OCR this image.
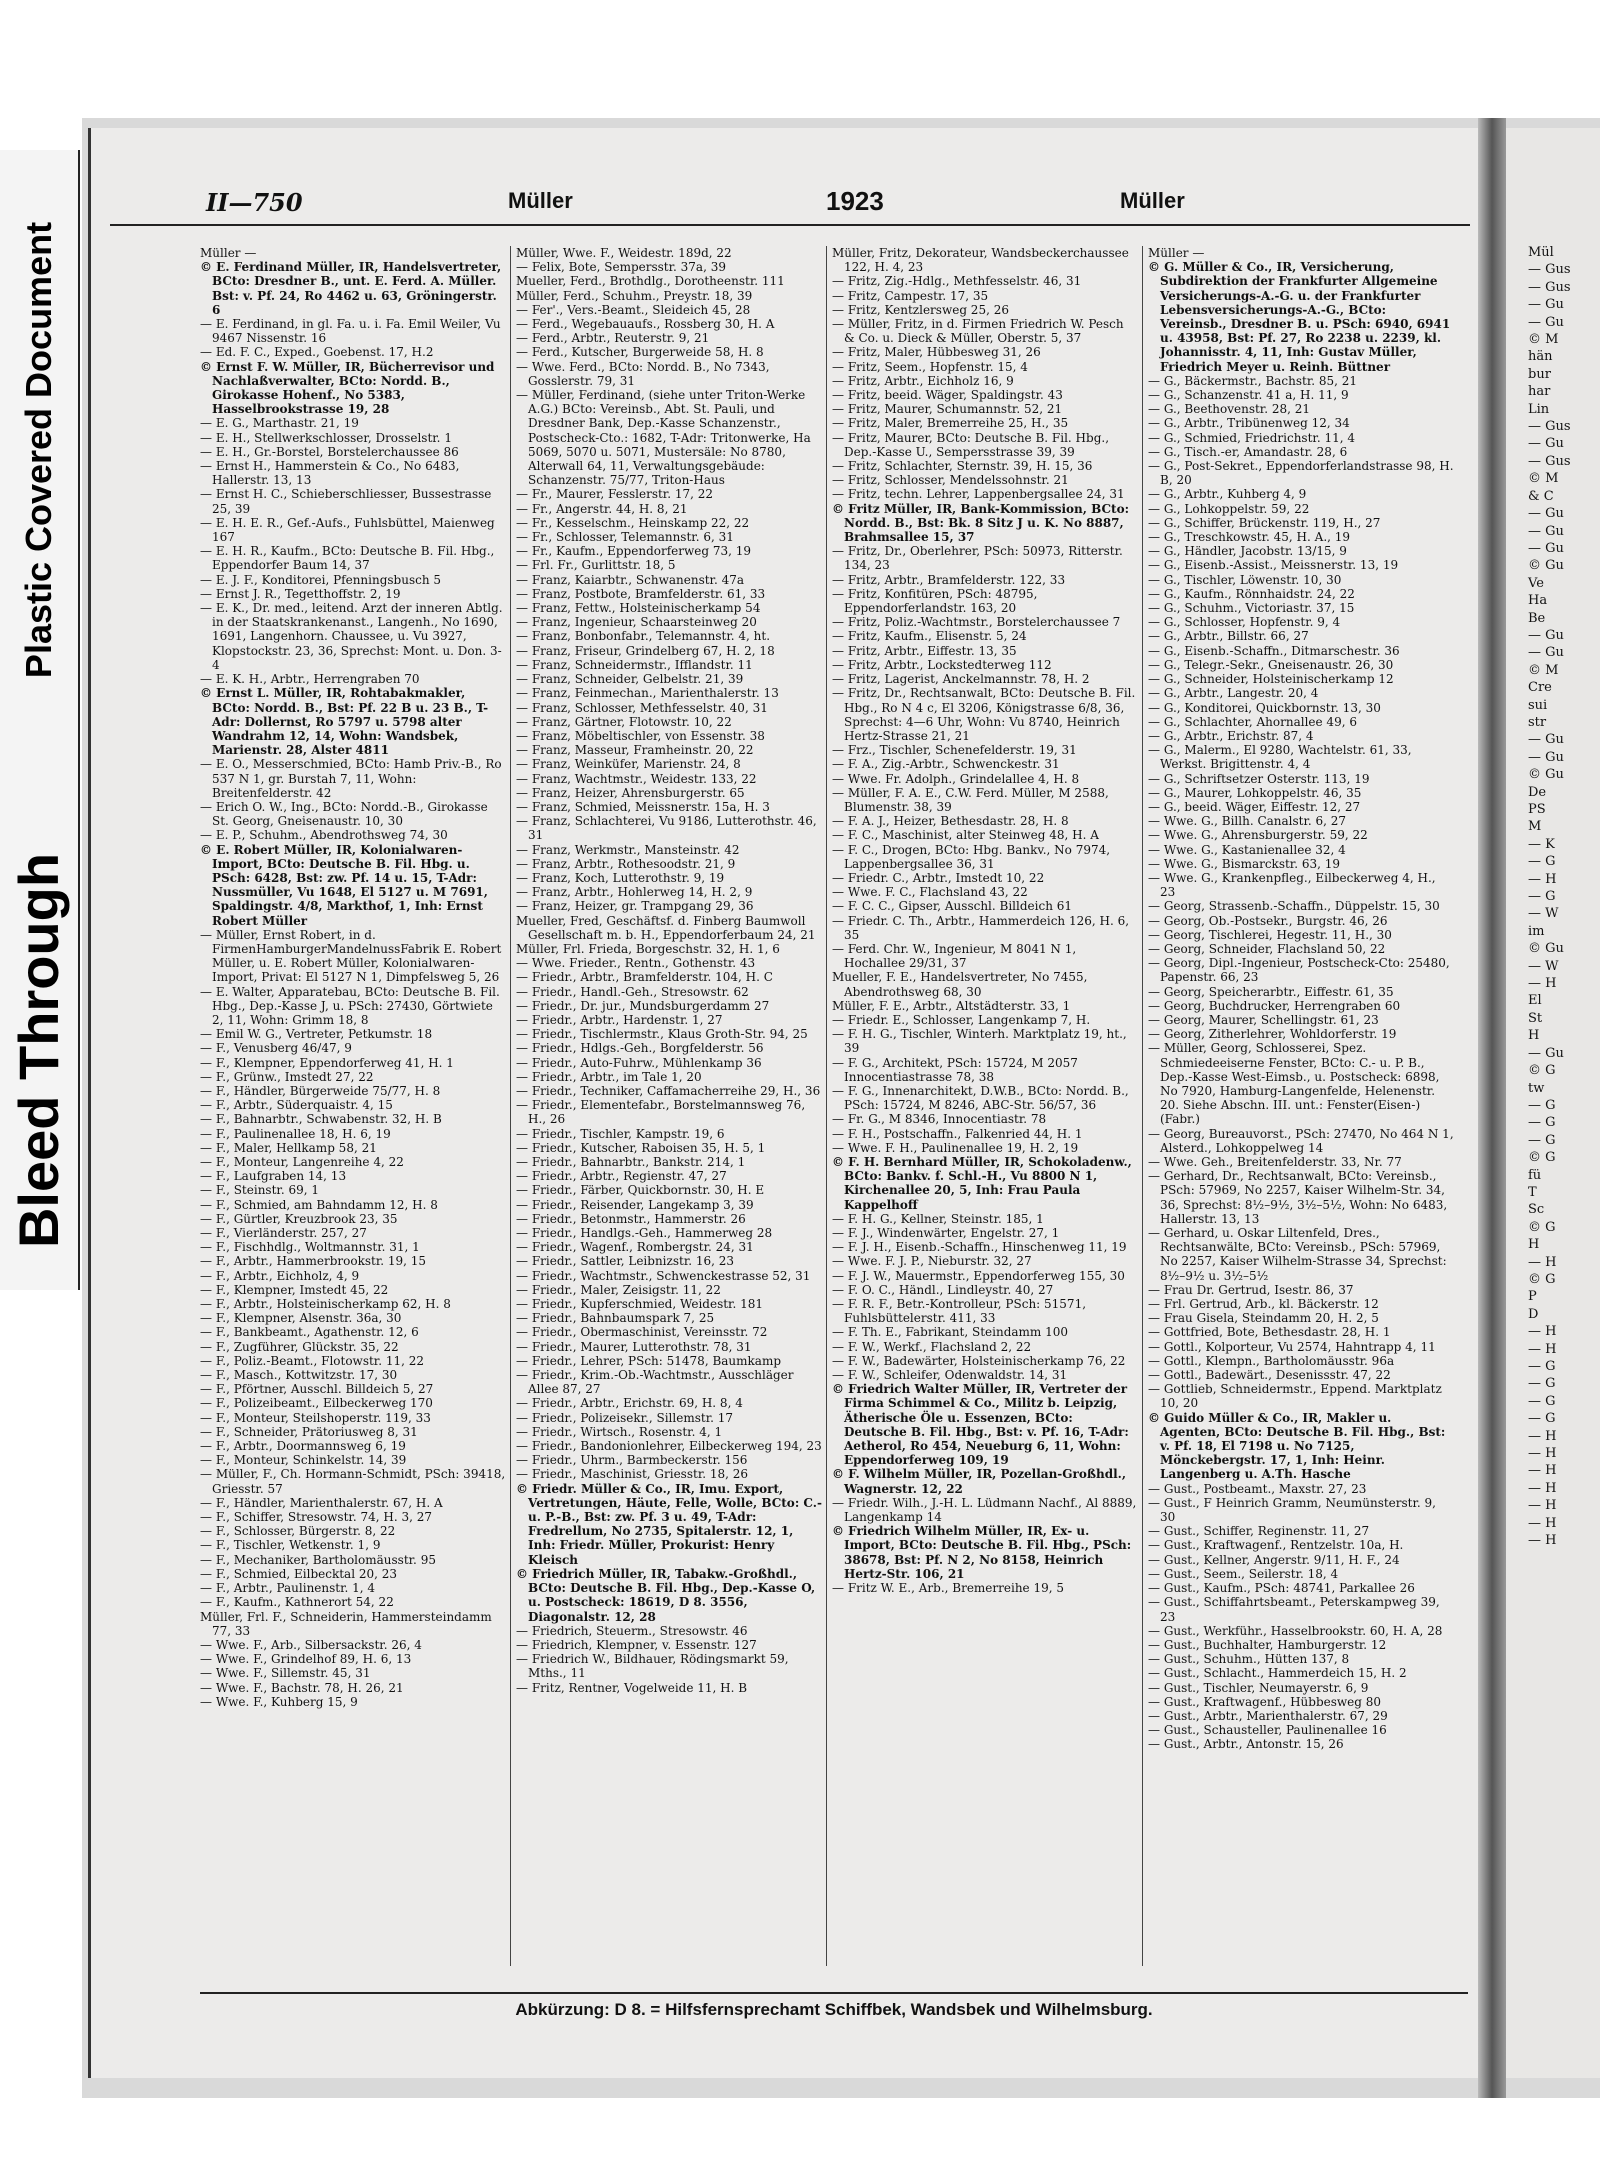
Plastic Covered Document
Bleed Through
Mül
— Gus
— Gus
— Gu
— Gu
© M
hän
bur
har
Lin
— Gus
— Gu
— Gus
© M
& C
— Gu
— Gu
— Gu
© Gu
Ve
Ha
Be
— Gu
— Gu
© M
Cre
sui
str
— Gu
— Gu
© Gu
De
PS
M
— K
— G
— H
— G
— W
im
© Gu
— W
— H
El
St
H
— Gu
© G
tw
— G
— G
— G
© G
fü
T
Sc
© G
H
— H
© G
P
D
— H
— H
— G
— G
— G
— G
— H
— H
— H
— H
— H
— H
— H
II—750	Müller	1923	Müller

Müller —

© E. Ferdinand Müller, IR, Handelsvertreter, BCto: Dresdner B., unt. E. Ferd. A. Müller. Bst: v. Pf. 24, Ro 4462 u. 63, Gröningerstr. 6

— E. Ferdinand, in gl. Fa. u. i. Fa. Emil Weiler, Vu 9467 Nissenstr. 16

— Ed. F. C., Exped., Goebenst. 17, H.2

© Ernst F. W. Müller, IR, Bücherrevisor und Nachlaßverwalter, BCto: Nordd. B., Girokasse Hohenf., No 5383, Hasselbrookstrasse 19, 28

— E. G., Marthastr. 21, 19

— E. H., Stellwerkschlosser, Drosselstr. 1

— E. H., Gr.-Borstel, Borstelerchaussee 86

— Ernst H., Hammerstein & Co., No 6483, Hallerstr. 13, 13

— Ernst H. C., Schieberschliesser, Bussestrasse 25, 39

— E. H. E. R., Gef.-Aufs., Fuhlsbüttel, Maienweg 167

— E. H. R., Kaufm., BCto: Deutsche B. Fil. Hbg., Eppendorfer Baum 14, 37

— E. J. F., Konditorei, Pfenningsbusch 5

— Ernst J. R., Tegetthoffstr. 2, 19

— E. K., Dr. med., leitend. Arzt der inneren Abtlg. in der Staatskrankenanst., Langenh., No 1690, 1691, Langenhorn. Chaussee, u. Vu 3927, Klopstockstr. 23, 36, Sprechst: Mont. u. Don. 3-4

— E. K. H., Arbtr., Herrengraben 70

© Ernst L. Müller, IR, Rohtabakmakler, BCto: Nordd. B., Bst: Pf. 22 B u. 23 B., T-Adr: Dollernst, Ro 5797 u. 5798 alter Wandrahm 12, 14, Wohn: Wandsbek, Marienstr. 28, Alster 4811

— E. O., Messerschmied, BCto: Hamb Priv.-B., Ro 537 N 1, gr. Burstah 7, 11, Wohn: Breitenfelderstr. 42

— Erich O. W., Ing., BCto: Nordd.-B., Girokasse St. Georg, Gneisenaustr. 10, 30

— E. P., Schuhm., Abendrothsweg 74, 30

© E. Robert Müller, IR, Kolonialwaren-Import, BCto: Deutsche B. Fil. Hbg. u. PSch: 6428, Bst: zw. Pf. 14 u. 15, T-Adr: Nussmüller, Vu 1648, El 5127 u. M 7691, Spaldingstr. 4/8, Markthof, 1, Inh: Ernst Robert Müller

— Müller, Ernst Robert, in d. FirmenHamburgerMandelnussFabrik E. Robert Müller, u. E. Robert Müller, Kolonialwaren-Import, Privat: El 5127 N 1, Dimpfelsweg 5, 26

— E. Walter, Apparatebau, BCto: Deutsche B. Fil. Hbg., Dep.-Kasse J, u. PSch: 27430, Görtwiete 2, 11, Wohn: Grimm 18, 8

— Emil W. G., Vertreter, Petkumstr. 18

— F., Venusberg 46/47, 9

— F., Klempner, Eppendorferweg 41, H. 1

— F., Grünw., Imstedt 27, 22

— F., Händler, Bürgerweide 75/77, H. 8

— F., Arbtr., Süderquaistr. 4, 15

— F., Bahnarbtr., Schwabenstr. 32, H. B

— F., Paulinenallee 18, H. 6, 19

— F., Maler, Hellkamp 58, 21

— F., Monteur, Langenreihe 4, 22

— F., Laufgraben 14, 13

— F., Steinstr. 69, 1

— F., Schmied, am Bahndamm 12, H. 8

— F., Gürtler, Kreuzbrook 23, 35

— F., Vierländerstr. 257, 27

— F., Fischhdlg., Woltmannstr. 31, 1

— F., Arbtr., Hammerbrookstr. 19, 15

— F., Arbtr., Eichholz, 4, 9

— F., Klempner, Imstedt 45, 22

— F., Arbtr., Holsteinischerkamp 62, H. 8

— F., Klempner, Alsenstr. 36a, 30

— F., Bankbeamt., Agathenstr. 12, 6

— F., Zugführer, Glückstr. 35, 22

— F., Poliz.-Beamt., Flotowstr. 11, 22

— F., Masch., Kottwitzstr. 17, 30

— F., Pförtner, Ausschl. Billdeich 5, 27

— F., Polizeibeamt., Eilbeckerweg 170

— F., Monteur, Steilshoperstr. 119, 33

— F., Schneider, Prätoriusweg 8, 31

— F., Arbtr., Doormannsweg 6, 19

— F., Monteur, Schinkelstr. 14, 39

— Müller, F., Ch. Hormann-Schmidt, PSch: 39418, Griesstr. 57

— F., Händler, Marienthalerstr. 67, H. A

— F., Schiffer, Stresowstr. 74, H. 3, 27

— F., Schlosser, Bürgerstr. 8, 22

— F., Tischler, Wetkenstr. 1, 9

— F., Mechaniker, Bartholomäusstr. 95

— F., Schmied, Eilbecktal 20, 23

— F., Arbtr., Paulinenstr. 1, 4

— F., Kaufm., Kathnerort 54, 22

Müller, Frl. F., Schneiderin, Hammersteindamm 77, 33

— Wwe. F., Arb., Silbersackstr. 26, 4

— Wwe. F., Grindelhof 89, H. 6, 13

— Wwe. F., Sillemstr. 45, 31

— Wwe. F., Bachstr. 78, H. 26, 21

— Wwe. F., Kuhberg 15, 9

Müller, Wwe. F., Weidestr. 189d, 22

— Felix, Bote, Sempersstr. 37a, 39

Mueller, Ferd., Brothdlg., Dorotheenstr. 111

Müller, Ferd., Schuhm., Preystr. 18, 39

— Fer'., Vers.-Beamt., Sleideich 45, 28

— Ferd., Wegebauaufs., Rossberg 30, H. A

— Ferd., Arbtr., Reuterstr. 9, 21

— Ferd., Kutscher, Burgerweide 58, H. 8

— Wwe. Ferd., BCto: Nordd. B., No 7343, Gosslerstr. 79, 31

— Müller, Ferdinand, (siehe unter Triton-Werke A.G.) BCto: Vereinsb., Abt. St. Pauli, und Dresdner Bank, Dep.-Kasse Schanzenstr., Postscheck-Cto.: 1682, T-Adr: Tritonwerke, Ha 5069, 5070 u. 5071, Mustersäle: No 8780, Alterwall 64, 11, Verwaltungsgebäude: Schanzenstr. 75/77, Triton-Haus

— Fr., Maurer, Fesslerstr. 17, 22

— Fr., Angerstr. 44, H. 8, 21

— Fr., Kesselschm., Heinskamp 22, 22

— Fr., Schlosser, Telemannstr. 6, 31

— Fr., Kaufm., Eppendorferweg 73, 19

— Frl. Fr., Gurlittstr. 18, 5

— Franz, Kaiarbtr., Schwanenstr. 47a

— Franz, Postbote, Bramfelderstr. 61, 33

— Franz, Fettw., Holsteinischerkamp 54

— Franz, Ingenieur, Schaarsteinweg 20

— Franz, Bonbonfabr., Telemannstr. 4, ht.

— Franz, Friseur, Grindelberg 67, H. 2, 18

— Franz, Schneidermstr., Ifflandstr. 11

— Franz, Schneider, Gelbelstr. 21, 39

— Franz, Feinmechan., Marienthalerstr. 13

— Franz, Schlosser, Methfesselstr. 40, 31

— Franz, Gärtner, Flotowstr. 10, 22

— Franz, Möbeltischler, von Essenstr. 38

— Franz, Masseur, Framheinstr. 20, 22

— Franz, Weinküfer, Marienstr. 24, 8

— Franz, Wachtmstr., Weidestr. 133, 22

— Franz, Heizer, Ahrensburgerstr. 65

— Franz, Schmied, Meissnerstr. 15a, H. 3

— Franz, Schlachterei, Vu 9186, Lutterothstr. 46, 31

— Franz, Werkmstr., Mansteinstr. 42

— Franz, Arbtr., Rothesoodstr. 21, 9

— Franz, Koch, Lutterothstr. 9, 19

— Franz, Arbtr., Hohlerweg 14, H. 2, 9

— Franz, Heizer, gr. Trampgang 29, 36

Mueller, Fred, Geschäftsf. d. Finberg Baumwoll Gesellschaft m. b. H., Eppendorferbaum 24, 21

Müller, Frl. Frieda, Borgeschstr. 32, H. 1, 6

— Wwe. Frieder., Rentn., Gothenstr. 43

— Friedr., Arbtr., Bramfelderstr. 104, H. C

— Friedr., Handl.-Geh., Stresowstr. 62

— Friedr., Dr. jur., Mundsburgerdamm 27

— Friedr., Arbtr., Hardenstr. 1, 27

— Friedr., Tischlermstr., Klaus Groth-Str. 94, 25

— Friedr., Hdlgs.-Geh., Borgfelderstr. 56

— Friedr., Auto-Fuhrw., Mühlenkamp 36

— Friedr., Arbtr., im Tale 1, 20

— Friedr., Techniker, Caffamacherreihe 29, H., 36

— Friedr., Elementefabr., Borstelmannsweg 76, H., 26

— Friedr., Tischler, Kampstr. 19, 6

— Friedr., Kutscher, Raboisen 35, H. 5, 1

— Friedr., Bahnarbtr., Bankstr. 214, 1

— Friedr., Arbtr., Regienstr. 47, 27

— Friedr., Färber, Quickbornstr. 30, H. E

— Friedr., Reisender, Langekamp 3, 39

— Friedr., Betonmstr., Hammerstr. 26

— Friedr., Handlgs.-Geh., Hammerweg 28

— Friedr., Wagenf., Rombergstr. 24, 31

— Friedr., Sattler, Leibnizstr. 16, 23

— Friedr., Wachtmstr., Schwenckestrasse 52, 31

— Friedr., Maler, Zeisigstr. 11, 22

— Friedr., Kupferschmied, Weidestr. 181

— Friedr., Bahnbaumspark 7, 25

— Friedr., Obermaschinist, Vereinsstr. 72

— Friedr., Maurer, Lutterothstr. 78, 31

— Friedr., Lehrer, PSch: 51478, Baumkamp

— Friedr., Krim.-Ob.-Wachtmstr., Ausschläger Allee 87, 27

— Friedr., Arbtr., Erichstr. 69, H. 8, 4

— Friedr., Polizeisekr., Sillemstr. 17

— Friedr., Wirtsch., Rosenstr. 4, 1

— Friedr., Bandonionlehrer, Eilbeckerweg 194, 23

— Friedr., Uhrm., Barmbeckerstr. 156

— Friedr., Maschinist, Griesstr. 18, 26

© Friedr. Müller & Co., IR, Imu. Export, Vertretungen, Häute, Felle, Wolle, BCto: C.- u. P.-B., Bst: zw. Pf. 3 u. 49, T-Adr: Fredrellum, No 2735, Spitalerstr. 12, 1, Inh: Friedr. Müller, Prokurist: Henry Kleisch

© Friedrich Müller, IR, Tabakw.-Großhdl., BCto: Deutsche B. Fil. Hbg., Dep.-Kasse O, u. Postscheck: 18619, D 8. 3556, Diagonalstr. 12, 28

— Friedrich, Steuerm., Stresowstr. 46

— Friedrich, Klempner, v. Essenstr. 127

— Friedrich W., Bildhauer, Rödingsmarkt 59, Mths., 11

— Fritz, Rentner, Vogelweide 11, H. B

Müller, Fritz, Dekorateur, Wandsbeckerchaussee 122, H. 4, 23

— Fritz, Zig.-Hdlg., Methfesselstr. 46, 31

— Fritz, Campestr. 17, 35

— Fritz, Kentzlersweg 25, 26

— Müller, Fritz, in d. Firmen Friedrich W. Pesch & Co. u. Dieck & Müller, Oberstr. 5, 37

— Fritz, Maler, Hübbesweg 31, 26

— Fritz, Seem., Hopfenstr. 15, 4

— Fritz, Arbtr., Eichholz 16, 9

— Fritz, beeid. Wäger, Spaldingstr. 43

— Fritz, Maurer, Schumannstr. 52, 21

— Fritz, Maler, Bremerreihe 25, H., 35

— Fritz, Maurer, BCto: Deutsche B. Fil. Hbg., Dep.-Kasse U., Sempersstrasse 39, 39

— Fritz, Schlachter, Sternstr. 39, H. 15, 36

— Fritz, Schlosser, Mendelssohnstr. 21

— Fritz, techn. Lehrer, Lappenbergsallee 24, 31

© Fritz Müller, IR, Bank-Kommission, BCto: Nordd. B., Bst: Bk. 8 Sitz J u. K. No 8887, Brahmsallee 15, 37

— Fritz, Dr., Oberlehrer, PSch: 50973, Ritterstr. 134, 23

— Fritz, Arbtr., Bramfelderstr. 122, 33

— Fritz, Konfitüren, PSch: 48795, Eppendorferlandstr. 163, 20

— Fritz, Poliz.-Wachtmstr., Borstelerchaussee 7

— Fritz, Kaufm., Elisenstr. 5, 24

— Fritz, Arbtr., Eiffestr. 13, 35

— Fritz, Arbtr., Lockstedterweg 112

— Fritz, Lagerist, Anckelmannstr. 78, H. 2

— Fritz, Dr., Rechtsanwalt, BCto: Deutsche B. Fil. Hbg., Ro N 4 c, El 3206, Königstrasse 6/8, 36, Sprechst: 4—6 Uhr, Wohn: Vu 8740, Heinrich Hertz-Strasse 21, 21

— Frz., Tischler, Schenefelderstr. 19, 31

— F. A., Zig.-Arbtr., Schwenckestr. 31

— Wwe. Fr. Adolph., Grindelallee 4, H. 8

— Müller, F. A. E., C.W. Ferd. Müller, M 2588, Blumenstr. 38, 39

— F. A. J., Heizer, Bethesdastr. 28, H. 8

— F. C., Maschinist, alter Steinweg 48, H. A

— F. C., Drogen, BCto: Hbg. Bankv., No 7974, Lappenbergsallee 36, 31

— Friedr. C., Arbtr., Imstedt 10, 22

— Wwe. F. C., Flachsland 43, 22

— F. C. C., Gipser, Ausschl. Billdeich 61

— Friedr. C. Th., Arbtr., Hammerdeich 126, H. 6, 35

— Ferd. Chr. W., Ingenieur, M 8041 N 1, Hochallee 29/31, 37

Mueller, F. E., Handelsvertreter, No 7455, Abendrothsweg 68, 30

Müller, F. E., Arbtr., Altstädterstr. 33, 1

— Friedr. E., Schlosser, Langenkamp 7, H.

— F. H. G., Tischler, Winterh. Marktplatz 19, ht., 39

— F. G., Architekt, PSch: 15724, M 2057 Innocentiastrasse 78, 38

— F. G., Innenarchitekt, D.W.B., BCto: Nordd. B., PSch: 15724, M 8246, ABC-Str. 56/57, 36

— Fr. G., M 8346, Innocentiastr. 78

— F. H., Postschaffn., Falkenried 44, H. 1

— Wwe. F. H., Paulinenallee 19, H. 2, 19

© F. H. Bernhard Müller, IR, Schokoladenw., BCto: Bankv. f. Schl.-H., Vu 8800 N 1, Kirchenallee 20, 5, Inh: Frau Paula Kappelhoff

— F. H. G., Kellner, Steinstr. 185, 1

— F. J., Windenwärter, Engelstr. 27, 1

— F. J. H., Eisenb.-Schaffn., Hinschenweg 11, 19

— Wwe. F. J. P., Nieburstr. 32, 27

— F. J. W., Mauermstr., Eppendorferweg 155, 30

— F. O. C., Händl., Lindleystr. 40, 27

— F. R. F., Betr.-Kontrolleur, PSch: 51571, Fuhlsbüttelerstr. 411, 33

— F. Th. E., Fabrikant, Steindamm 100

— F. W., Werkf., Flachsland 2, 22

— F. W., Badewärter, Holsteinischerkamp 76, 22

— F. W., Schleifer, Odenwaldstr. 14, 31

© Friedrich Walter Müller, IR, Vertreter der Firma Schimmel & Co., Militz b. Leipzig, Ätherische Öle u. Essenzen, BCto: Deutsche B. Fil. Hbg., Bst: v. Pf. 16, T-Adr: Aetherol, Ro 454, Neueburg 6, 11, Wohn: Eppendorferweg 109, 19

© F. Wilhelm Müller, IR, Pozellan-Großhdl., Wagnerstr. 12, 22

— Friedr. Wilh., J.-H. L. Lüdmann Nachf., Al 8889, Langenkamp 14

© Friedrich Wilhelm Müller, IR, Ex- u. Import, BCto: Deutsche B. Fil. Hbg., PSch: 38678, Bst: Pf. N 2, No 8158, Heinrich Hertz-Str. 106, 21

— Fritz W. E., Arb., Bremerreihe 19, 5

Müller —

© G. Müller & Co., IR, Versicherung, Subdirektion der Frankfurter Allgemeine Versicherungs-A.-G. u. der Frankfurter Lebensversicherungs-A.-G., BCto: Vereinsb., Dresdner B. u. PSch: 6940, 6941 u. 43958, Bst: Pf. 27, Ro 2238 u. 2239, kl. Johannisstr. 4, 11, Inh: Gustav Müller, Friedrich Meyer u. Reinh. Büttner

— G., Bäckermstr., Bachstr. 85, 21

— G., Schanzenstr. 41 a, H. 11, 9

— G., Beethovenstr. 28, 21

— G., Arbtr., Tribünenweg 12, 34

— G., Schmied, Friedrichstr. 11, 4

— G., Tisch.-er, Amandastr. 28, 6

— G., Post-Sekret., Eppendorferlandstrasse 98, H. B, 20

— G., Arbtr., Kuhberg 4, 9

— G., Lohkoppelstr. 59, 22

— G., Schiffer, Brückenstr. 119, H., 27

— G., Treschkowstr. 45, H. A., 19

— G., Händler, Jacobstr. 13/15, 9

— G., Eisenb.-Assist., Meissnerstr. 13, 19

— G., Tischler, Löwenstr. 10, 30

— G., Kaufm., Rönnhaidstr. 24, 22

— G., Schuhm., Victoriastr. 37, 15

— G., Schlosser, Hopfenstr. 9, 4

— G., Arbtr., Billstr. 66, 27

— G., Eisenb.-Schaffn., Ditmarschestr. 36

— G., Telegr.-Sekr., Gneisenaustr. 26, 30

— G., Schneider, Holsteinischerkamp 12

— G., Arbtr., Langestr. 20, 4

— G., Konditorei, Quickbornstr. 13, 30

— G., Schlachter, Ahornallee 49, 6

— G., Arbtr., Erichstr. 87, 4

— G., Malerm., El 9280, Wachtelstr. 61, 33, Werkst. Brigittenstr. 4, 4

— G., Schriftsetzer Osterstr. 113, 19

— G., Maurer, Lohkoppelstr. 46, 35

— G., beeid. Wäger, Eiffestr. 12, 27

— Wwe. G., Billh. Canalstr. 6, 27

— Wwe. G., Ahrensburgerstr. 59, 22

— Wwe. G., Kastanienallee 32, 4

— Wwe. G., Bismarckstr. 63, 19

— Wwe. G., Krankenpfleg., Eilbeckerweg 4, H., 23

— Georg, Strassenb.-Schaffn., Düppelstr. 15, 30

— Georg, Ob.-Postsekr., Burgstr. 46, 26

— Georg, Tischlerei, Hegestr. 11, H., 30

— Georg, Schneider, Flachsland 50, 22

— Georg, Dipl.-Ingenieur, Postscheck-Cto: 25480, Papenstr. 66, 23

— Georg, Speicherarbtr., Eiffestr. 61, 35

— Georg, Buchdrucker, Herrengraben 60

— Georg, Maurer, Schellingstr. 61, 23

— Georg, Zitherlehrer, Wohldorferstr. 19

— Müller, Georg, Schlosserei, Spez. Schmiedeeiserne Fenster, BCto: C.- u. P. B., Dep.-Kasse West-Eimsb., u. Postscheck: 6898, No 7920, Hamburg-Langenfelde, Helenenstr. 20. Siehe Abschn. III. unt.: Fenster(Eisen-)(Fabr.)

— Georg, Bureauvorst., PSch: 27470, No 464 N 1, Alsterd., Lohkoppelweg 14

— Wwe. Geh., Breitenfelderstr. 33, Nr. 77

— Gerhard, Dr., Rechtsanwalt, BCto: Vereinsb., PSch: 57969, No 2257, Kaiser Wilhelm-Str. 34, 36, Sprechst: 8½–9½, 3½–5½, Wohn: No 6483, Hallerstr. 13, 13

— Gerhard, u. Oskar Liltenfeld, Dres., Rechtsanwälte, BCto: Vereinsb., PSch: 57969, No 2257, Kaiser Wilhelm-Strasse 34, Sprechst: 8½–9½ u. 3½–5½

— Frau Dr. Gertrud, Isestr. 86, 37

— Frl. Gertrud, Arb., kl. Bäckerstr. 12

— Frau Gisela, Steindamm 20, H. 2, 5

— Gottfried, Bote, Bethesdastr. 28, H. 1

— Gottl., Kolporteur, Vu 2574, Hahntrapp 4, 11

— Gottl., Klempn., Bartholomäusstr. 96a

— Gottl., Badewärt., Desenissstr. 47, 22

— Gottlieb, Schneidermstr., Eppend. Marktplatz 10, 20

© Guido Müller & Co., IR, Makler u. Agenten, BCto: Deutsche B. Fil. Hbg., Bst: v. Pf. 18, El 7198 u. No 7125, Mönckebergstr. 17, 1, Inh: Heinr. Langenberg u. A.Th. Hasche

— Gust., Postbeamt., Maxstr. 27, 23

— Gust., F Heinrich Gramm, Neumünsterstr. 9, 30

— Gust., Schiffer, Reginenstr. 11, 27

— Gust., Kraftwagenf., Rentzelstr. 10a, H.

— Gust., Kellner, Angerstr. 9/11, H. F., 24

— Gust., Seem., Seilerstr. 18, 4

— Gust., Kaufm., PSch: 48741, Parkallee 26

— Gust., Schiffahrtsbeamt., Peterskampweg 39, 23

— Gust., Werkführ., Hasselbrookstr. 60, H. A, 28

— Gust., Buchhalter, Hamburgerstr. 12

— Gust., Schuhm., Hütten 137, 8

— Gust., Schlacht., Hammerdeich 15, H. 2

— Gust., Tischler, Neumayerstr. 6, 9

— Gust., Kraftwagenf., Hübbesweg 80

— Gust., Arbtr., Marienthalerstr. 67, 29

— Gust., Schausteller, Paulinenallee 16

— Gust., Arbtr., Antonstr. 15, 26

Abkürzung: D 8. = Hilfsfernsprechamt Schiffbek, Wandsbek und Wilhelmsburg.
